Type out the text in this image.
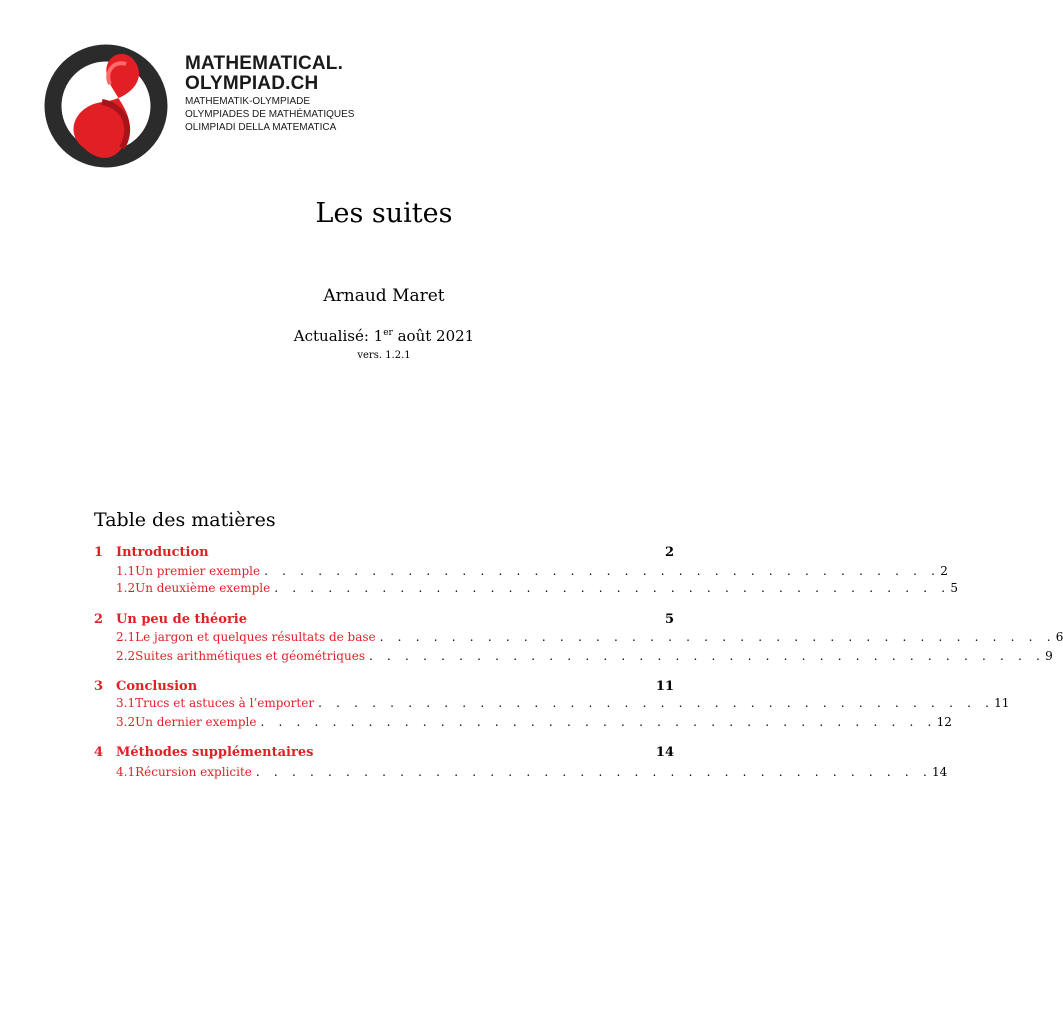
MATHEMATICAL.
OLYMPIAD.CH
MATHEMATIK-OLYMPIADE
OLYMPIADES DE MATHÉMATIQUES
OLIMPIADI DELLA MATEMATICA
Les suites
Arnaud Maret
Actualisé: 1er août 2021
vers. 1.2.1
Table des matières
1 Introduction	2
1.1 Un premier exemple . . . . . . . . . . . . . . . . . . . . . . . . . . . . . . . . . . . . . . 2
1.2 Un deuxième exemple . . . . . . . . . . . . . . . . . . . . . . . . . . . . . . . . . . . . . . 5
2 Un peu de théorie	5
2.1 Le jargon et quelques résultats de base . . . . . . . . . . . . . . . . . . . . . . . . . . . . . . . . . . . . . . 6
2.2 Suites arithmétiques et géométriques . . . . . . . . . . . . . . . . . . . . . . . . . . . . . . . . . . . . . . 9
3 Conclusion	11
3.1 Trucs et astuces à l’emporter . . . . . . . . . . . . . . . . . . . . . . . . . . . . . . . . . . . . . . 11
3.2 Un dernier exemple . . . . . . . . . . . . . . . . . . . . . . . . . . . . . . . . . . . . . . 12
4 Méthodes supplémentaires	14
4.1 Récursion explicite . . . . . . . . . . . . . . . . . . . . . . . . . . . . . . . . . . . . . . 14
